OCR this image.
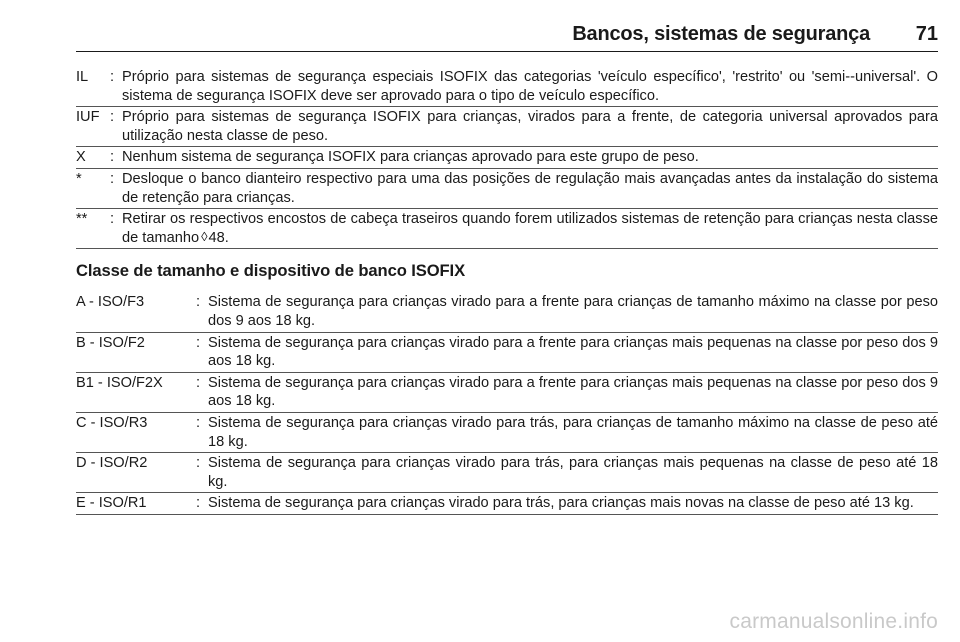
Bancos, sistemas de segurança 71
IL	: Próprio para sistemas de segurança especiais ISOFIX das categorias 'veículo específico', 'restrito' ou 'semi--universal'. O sistema de segurança ISOFIX deve ser aprovado para o tipo de veículo específico.
IUF : Próprio para sistemas de segurança ISOFIX para crianças, virados para a frente, de categoria universal aprovados para utilização nesta classe de peso.
X	: Nenhum sistema de segurança ISOFIX para crianças aprovado para este grupo de peso.
*	: Desloque o banco dianteiro respectivo para uma das posições de regulação mais avançadas antes da instalação do sistema de retenção para crianças.
**	: Retirar os respectivos encostos de cabeça traseiros quando forem utilizados sistemas de retenção para crianças nesta classe de tamanho ◊48.
Classe de tamanho e dispositivo de banco ISOFIX
A - ISO/F3	: Sistema de segurança para crianças virado para a frente para crianças de tamanho máximo na classe por peso dos 9 aos 18 kg.
B - ISO/F2	: Sistema de segurança para crianças virado para a frente para crianças mais pequenas na classe por peso dos 9 aos 18 kg.
B1 - ISO/F2X	: Sistema de segurança para crianças virado para a frente para crianças mais pequenas na classe por peso dos 9 aos 18 kg.
C - ISO/R3	: Sistema de segurança para crianças virado para trás, para crianças de tamanho máximo na classe de peso até 18 kg.
D - ISO/R2	: Sistema de segurança para crianças virado para trás, para crianças mais pequenas na classe de peso até 18 kg.
E - ISO/R1	: Sistema de segurança para crianças virado para trás, para crianças mais novas na classe de peso até 13 kg.
carmanualsonline.info
